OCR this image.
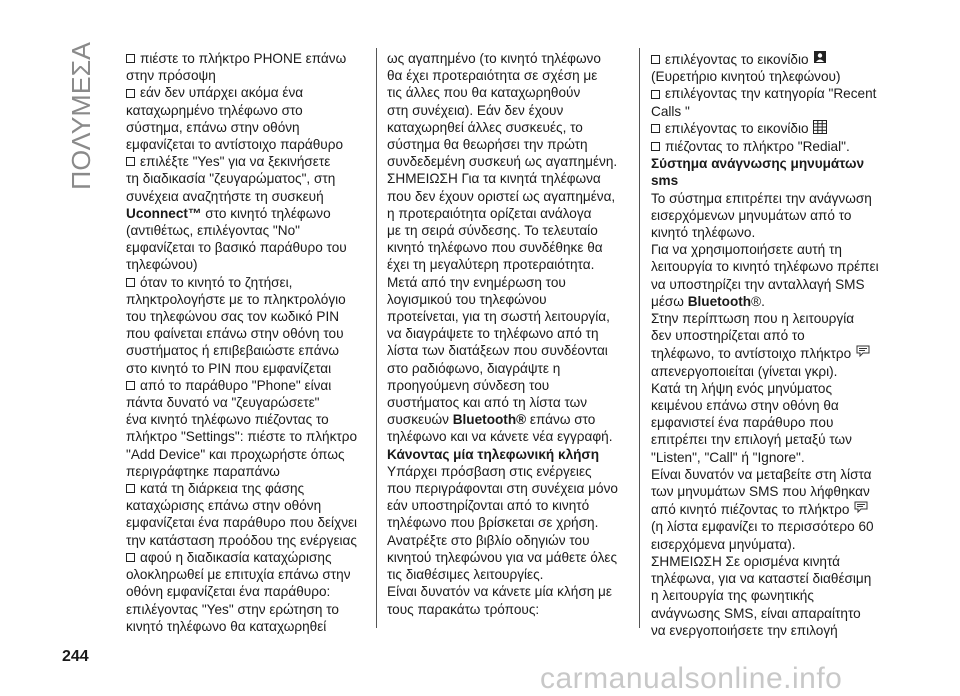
ΠΟΛΥΜΕΣΑ	πιέστε το πλήκτρο PHONE επάνω
στην πρόσοψη
εάν δεν υπάρχει ακόμα ένα
καταχωρημένο τηλέφωνο στο
σύστημα, επάνω στην οθόνη
εμφανίζεται το αντίστοιχο παράθυρο
επιλέξτε "Yes" για να ξεκινήσετε
τη διαδικασία "ζευγαρώματος", στη
συνέχεια αναζητήστε τη συσκευή
Uconnect™ στο κινητό τηλέφωνο
(αντιθέτως, επιλέγοντας "No"
εμφανίζεται το βασικό παράθυρο του
τηλεφώνου)
όταν το κινητό το ζητήσει,
πληκτρολογήστε με το πληκτρολόγιο
του τηλεφώνου σας τον κωδικό PIN
που φαίνεται επάνω στην οθόνη του
συστήματος ή επιβεβαιώστε επάνω
στο κινητό το PIN που εμφανίζεται
από το παράθυρο "Phone" είναι
πάντα δυνατό να "ζευγαρώσετε"
ένα κινητό τηλέφωνο πιέζοντας το
πλήκτρο "Settings": πιέστε το πλήκτρο
"Add Device" και προχωρήστε όπως
περιγράφτηκε παραπάνω
κατά τη διάρκεια της φάσης
καταχώρισης επάνω στην οθόνη
εμφανίζεται ένα παράθυρο που δείχνει
την κατάσταση προόδου της ενέργειας
αφού η διαδικασία καταχώρισης
ολοκληρωθεί με επιτυχία επάνω στην
οθόνη εμφανίζεται ένα παράθυρο:
επιλέγοντας "Yes" στην ερώτηση το
κινητό τηλέφωνο θα καταχωρηθεί
ως αγαπημένο (το κινητό τηλέφωνο
θα έχει προτεραιότητα σε σχέση με
τις άλλες που θα καταχωρηθούν
στη συνέχεια). Εάν δεν έχουν
καταχωρηθεί άλλες συσκευές, το
σύστημα θα θεωρήσει την πρώτη
συνδεδεμένη συσκευή ως αγαπημένη.
ΣΗΜΕΙΩΣΗ Για τα κινητά τηλέφωνα
που δεν έχουν οριστεί ως αγαπημένα,
η προτεραιότητα ορίζεται ανάλογα
με τη σειρά σύνδεσης. Το τελευταίο
κινητό τηλέφωνο που συνδέθηκε θα
έχει τη μεγαλύτερη προτεραιότητα.
Μετά από την ενημέρωση του
λογισμικού του τηλεφώνου
προτείνεται, για τη σωστή λειτουργία,
να διαγράψετε το τηλέφωνο από τη
λίστα των διατάξεων που συνδέονται
στο ραδιόφωνο, διαγράψτε η
προηγούμενη σύνδεση του
συστήματος και από τη λίστα των
συσκευών Bluetooth® επάνω στο
τηλέφωνο και να κάνετε νέα εγγραφή.
Κάνοντας μία τηλεφωνική κλήση
Υπάρχει πρόσβαση στις ενέργειες
που περιγράφονται στη συνέχεια μόνο
εάν υποστηρίζονται από το κινητό
τηλέφωνο που βρίσκεται σε χρήση.
Ανατρέξτε στο βιβλίο οδηγιών του
κινητού τηλεφώνου για να μάθετε όλες
τις διαθέσιμες λειτουργίες.
Είναι δυνατόν να κάνετε μία κλήση με
τους παρακάτω τρόπους:
επιλέγοντας το εικονίδιο
(Ευρετήριο κινητού τηλεφώνου)
επιλέγοντας την κατηγορία "Recent
Calls "
επιλέγοντας το εικονίδιο
πιέζοντας το πλήκτρο "Redial".
Σύστημα ανάγνωσης μηνυμάτων
sms
Το σύστημα επιτρέπει την ανάγνωση
εισερχόμενων μηνυμάτων από το
κινητό τηλέφωνο.
Για να χρησιμοποιήσετε αυτή τη
λειτουργία το κινητό τηλέφωνο πρέπει
να υποστηρίζει την ανταλλαγή SMS
μέσω Bluetooth®.
Στην περίπτωση που η λειτουργία
δεν υποστηρίζεται από το
τηλέφωνο, το αντίστοιχο πλήκτρο
απενεργοποιείται (γίνεται γκρι).
Κατά τη λήψη ενός μηνύματος
κειμένου επάνω στην οθόνη θα
εμφανιστεί ένα παράθυρο που
επιτρέπει την επιλογή μεταξύ των
"Listen", "Call" ή "Ignore".
Είναι δυνατόν να μεταβείτε στη λίστα
των μηνυμάτων SMS που λήφθηκαν
από κινητό πιέζοντας το πλήκτρο
(η λίστα εμφανίζει το περισσότερο 60
εισερχόμενα μηνύματα).
ΣΗΜΕΙΩΣΗ Σε ορισμένα κινητά
τηλέφωνα, για να καταστεί διαθέσιμη
η λειτουργία της φωνητικής
ανάγνωσης SMS, είναι απαραίτητο
να ενεργοποιήσετε την επιλογή
244
carmanualsonline.info
